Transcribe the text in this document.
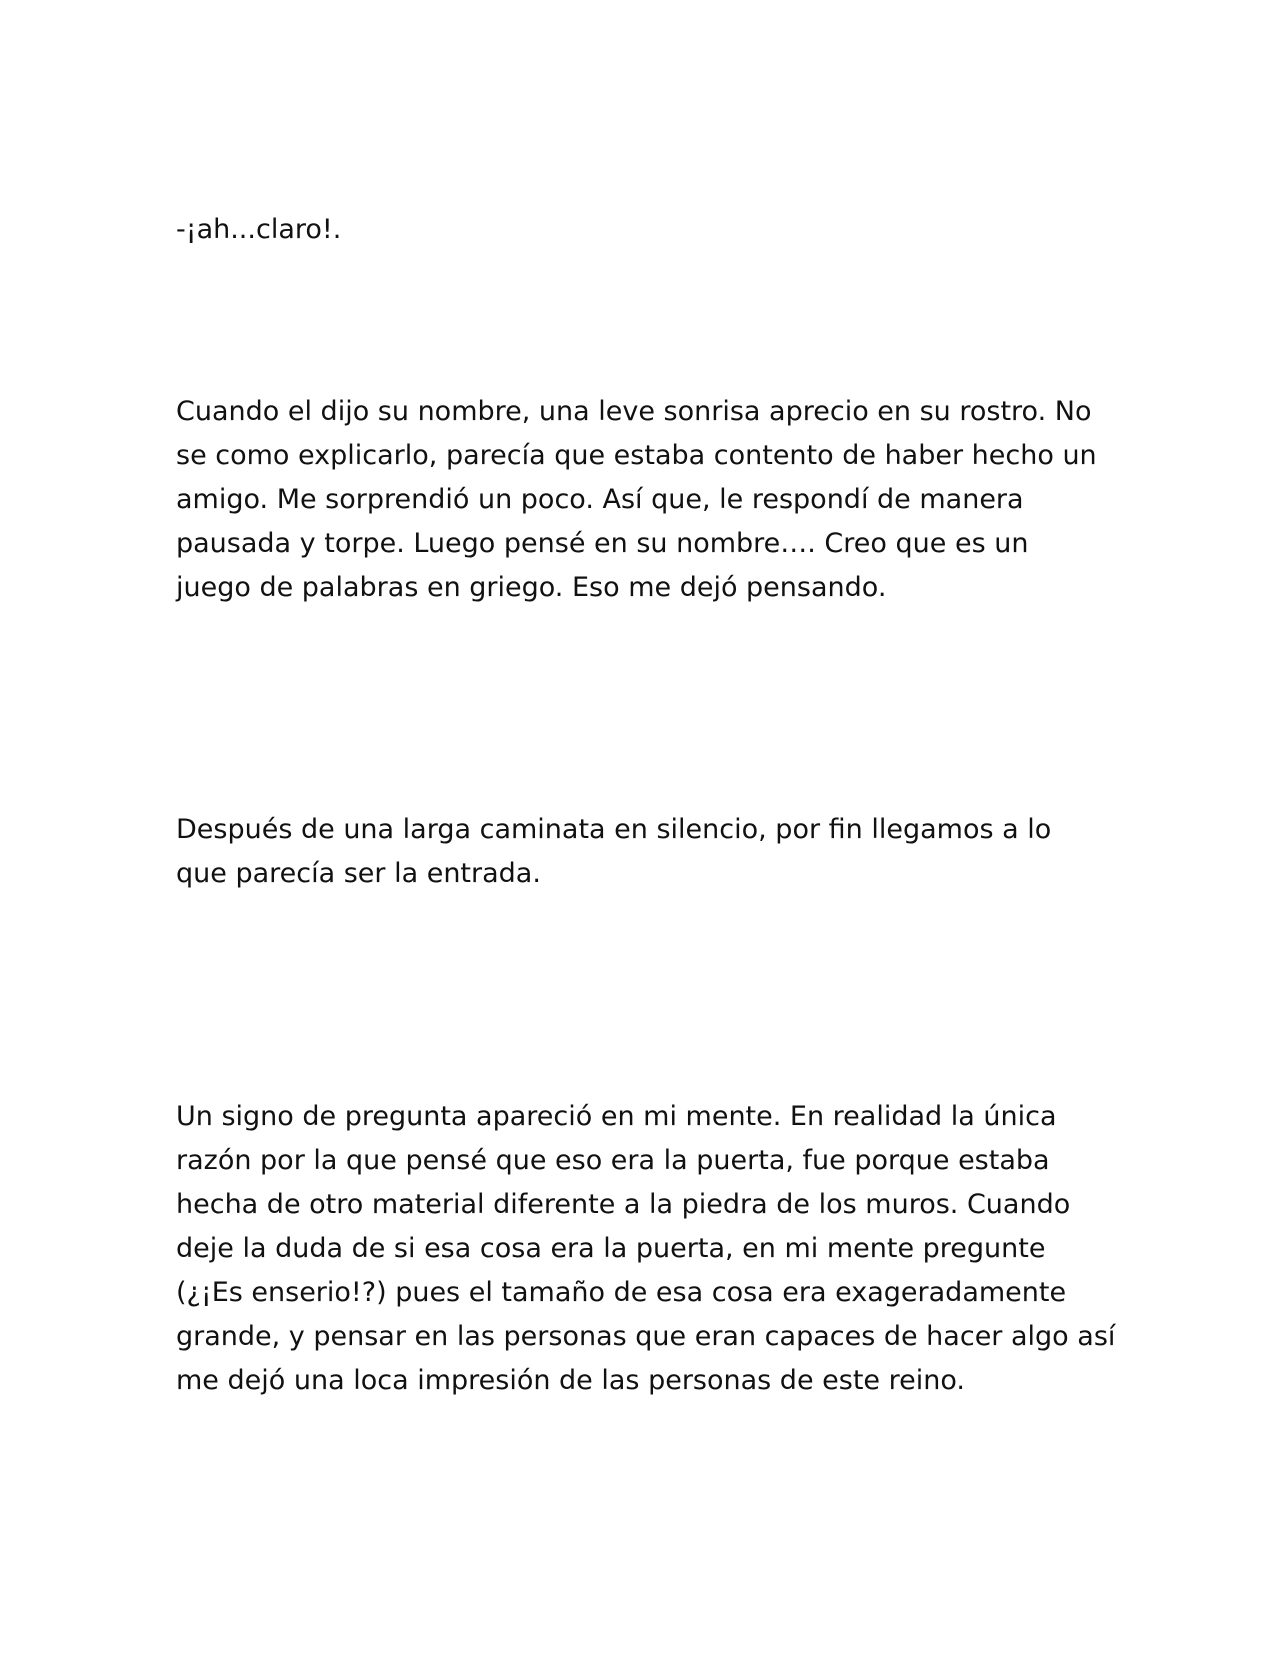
-¡ah...claro!.

Cuando el dijo su nombre, una leve sonrisa aprecio en su rostro. No
se como explicarlo, parecía que estaba contento de haber hecho un
amigo. Me sorprendió un poco. Así que, le respondí de manera
pausada y torpe. Luego pensé en su nombre…. Creo que es un
juego de palabras en griego. Eso me dejó pensando.

Después de una larga caminata en silencio, por fin llegamos a lo
que parecía ser la entrada.

Un signo de pregunta apareció en mi mente. En realidad la única
razón por la que pensé que eso era la puerta, fue porque estaba
hecha de otro material diferente a la piedra de los muros. Cuando
deje la duda de si esa cosa era la puerta, en mi mente pregunte
(¿¡Es enserio!?) pues el tamaño de esa cosa era exageradamente
grande, y pensar en las personas que eran capaces de hacer algo así
me dejó una loca impresión de las personas de este reino.
